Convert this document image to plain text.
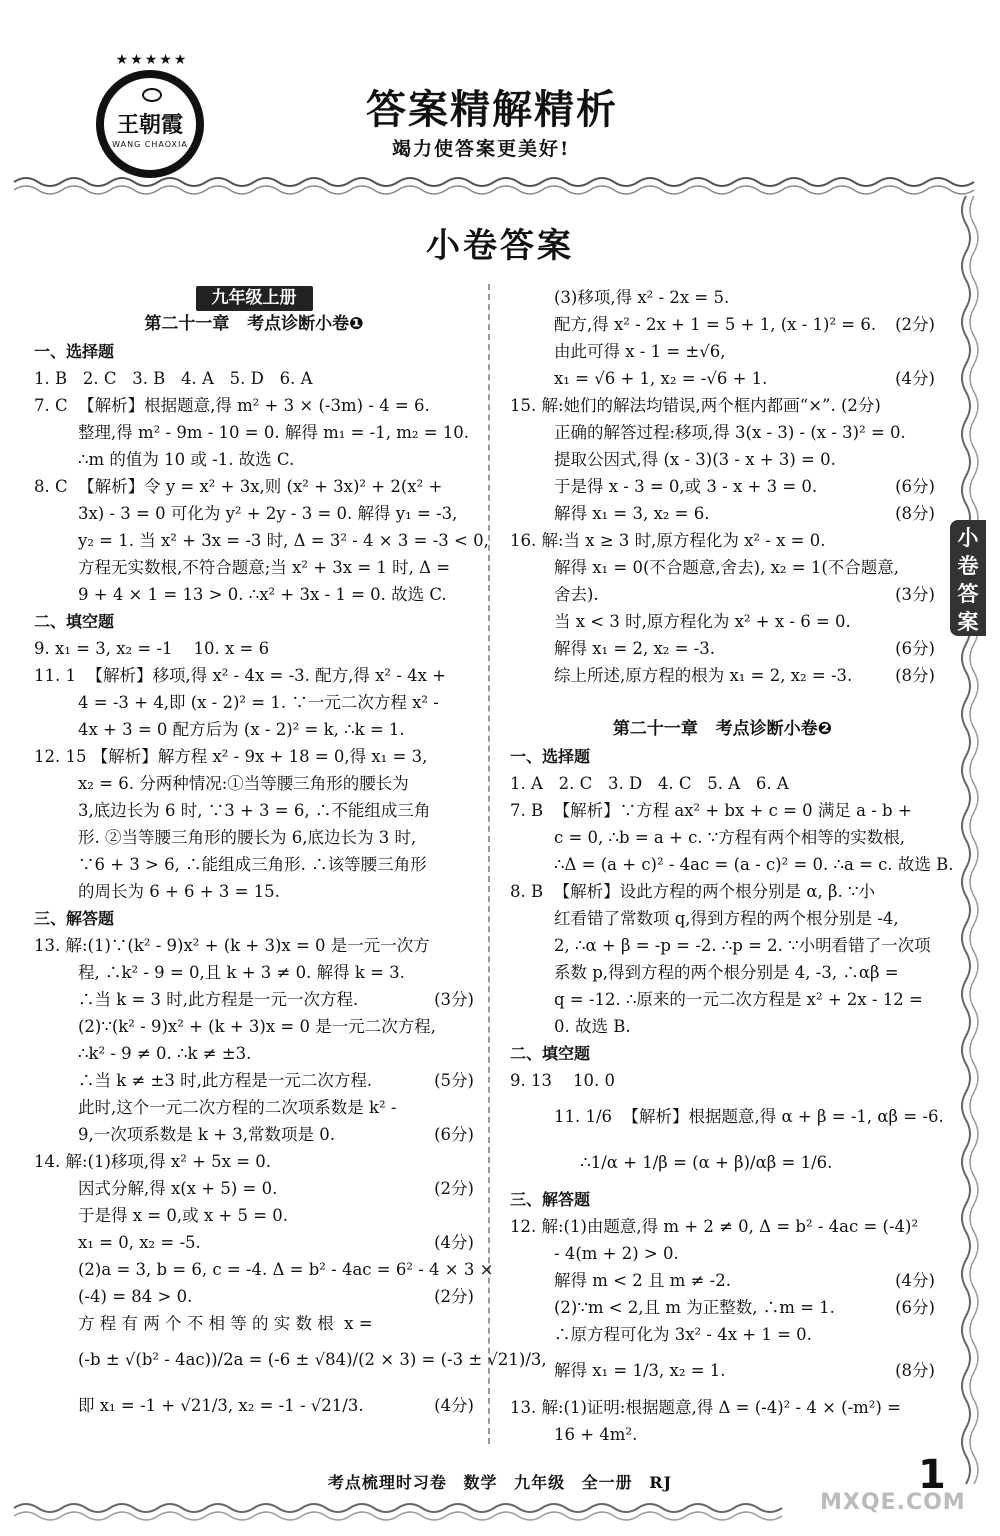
★★★★★
王朝霞
WANG CHAOXIA
答案精解精析
竭力使答案更美好!
小卷答案
小卷答案
九年级上册
第二十一章   考点诊断小卷❶
一、选择题
1. B   2. C   3. B   4. A   5. D   6. A
7. C  【解析】根据题意,得 m² + 3 × (-3m) - 4 = 6.
整理,得 m² - 9m - 10 = 0. 解得 m₁ = -1, m₂ = 10.
∴m 的值为 10 或 -1. 故选 C.
8. C  【解析】令 y = x² + 3x,则 (x² + 3x)² + 2(x² +
3x) - 3 = 0 可化为 y² + 2y - 3 = 0. 解得 y₁ = -3,
y₂ = 1. 当 x² + 3x = -3 时, Δ = 3² - 4 × 3 = -3 < 0,
方程无实数根,不符合题意;当 x² + 3x = 1 时, Δ =
9 + 4 × 1 = 13 > 0. ∴x² + 3x - 1 = 0. 故选 C.
二、填空题
9. x₁ = 3, x₂ = -1    10. x = 6
11. 1  【解析】移项,得 x² - 4x = -3. 配方,得 x² - 4x +
4 = -3 + 4,即 (x - 2)² = 1. ∵一元二次方程 x² -
4x + 3 = 0 配方后为 (x - 2)² = k, ∴k = 1.
12. 15 【解析】解方程 x² - 9x + 18 = 0,得 x₁ = 3,
x₂ = 6. 分两种情况:①当等腰三角形的腰长为
3,底边长为 6 时, ∵3 + 3 = 6, ∴不能组成三角
形. ②当等腰三角形的腰长为 6,底边长为 3 时,
∵6 + 3 > 6, ∴能组成三角形. ∴该等腰三角形
的周长为 6 + 6 + 3 = 15.
三、解答题
13. 解:(1)∵(k² - 9)x² + (k + 3)x = 0 是一元一次方
程, ∴k² - 9 = 0,且 k + 3 ≠ 0. 解得 k = 3.
(3分)
∴当 k = 3 时,此方程是一元一次方程.
(2)∵(k² - 9)x² + (k + 3)x = 0 是一元二次方程,
∴k² - 9 ≠ 0. ∴k ≠ ±3.
(5分)
∴当 k ≠ ±3 时,此方程是一元二次方程.
此时,这个一元二次方程的二次项系数是 k² -
(6分)
9,一次项系数是 k + 3,常数项是 0.
14. 解:(1)移项,得 x² + 5x = 0.
(2分)
因式分解,得 x(x + 5) = 0.
于是得 x = 0,或 x + 5 = 0.
(4分)
x₁ = 0, x₂ = -5.
(2)a = 3, b = 6, c = -4. Δ = b² - 4ac = 6² - 4 × 3 ×
(2分)
(-4) = 84 > 0.
方 程 有 两 个 不 相 等 的 实 数 根  x =
(-b ± √(b² - 4ac))/2a = (-6 ± √84)/(2 × 3) = (-3 ± √21)/3,
(4分)
即 x₁ = -1 + √21/3, x₂ = -1 - √21/3.
(3)移项,得 x² - 2x = 5.
(2分)
配方,得 x² - 2x + 1 = 5 + 1, (x - 1)² = 6.
由此可得 x - 1 = ±√6,
(4分)
x₁ = √6 + 1, x₂ = -√6 + 1.
15. 解:她们的解法均错误,两个框内都画“×”. (2分)
正确的解答过程:移项,得 3(x - 3) - (x - 3)² = 0.
提取公因式,得 (x - 3)(3 - x + 3) = 0.
(6分)
于是得 x - 3 = 0,或 3 - x + 3 = 0.
(8分)
解得 x₁ = 3, x₂ = 6.
16. 解:当 x ≥ 3 时,原方程化为 x² - x = 0.
解得 x₁ = 0(不合题意,舍去), x₂ = 1(不合题意,
(3分)
舍去).
当 x < 3 时,原方程化为 x² + x - 6 = 0.
(6分)
解得 x₁ = 2, x₂ = -3.
(8分)
综上所述,原方程的根为 x₁ = 2, x₂ = -3.
第二十一章   考点诊断小卷❷
一、选择题
1. A   2. C   3. D   4. C   5. A   6. A
7. B  【解析】∵方程 ax² + bx + c = 0 满足 a - b +
c = 0, ∴b = a + c. ∵方程有两个相等的实数根,
∴Δ = (a + c)² - 4ac = (a - c)² = 0. ∴a = c. 故选 B.
8. B  【解析】设此方程的两个根分别是 α, β. ∵小
红看错了常数项 q,得到方程的两个根分别是 -4,
2, ∴α + β = -p = -2. ∴p = 2. ∵小明看错了一次项
系数 p,得到方程的两个根分别是 4, -3, ∴αβ =
q = -12. ∴原来的一元二次方程是 x² + 2x - 12 =
0. 故选 B.
二、填空题
9. 13    10. 0
11. 1/6  【解析】根据题意,得 α + β = -1, αβ = -6.
∴1/α + 1/β = (α + β)/αβ = 1/6.
三、解答题
12. 解:(1)由题意,得 m + 2 ≠ 0, Δ = b² - 4ac = (-4)²
- 4(m + 2) > 0.
(4分)
解得 m < 2 且 m ≠ -2.
(6分)
(2)∵m < 2,且 m 为正整数, ∴m = 1.
∴原方程可化为 3x² - 4x + 1 = 0.
(8分)
解得 x₁ = 1/3, x₂ = 1.
13. 解:(1)证明:根据题意,得 Δ = (-4)² - 4 × (-m²) =
16 + 4m².
考点梳理时习卷 数学 九年级 全一册 RJ	1
MXQE.COM
